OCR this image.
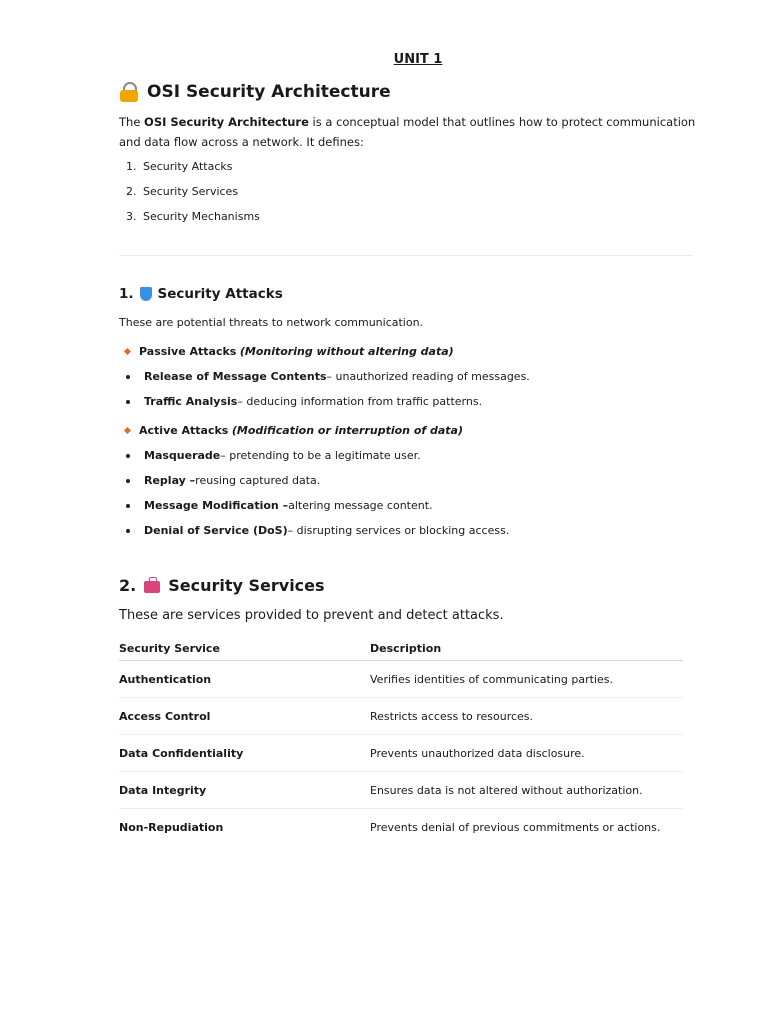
UNIT 1
OSI Security Architecture
The OSI Security Architecture is a conceptual model that outlines how to protect communication and data flow across a network. It defines:
1. Security Attacks
2. Security Services
3. Security Mechanisms
1. Security Attacks
These are potential threats to network communication.
Passive Attacks
(Monitoring without altering data)
Release of Message Contents – unauthorized reading of messages.
Traffic Analysis – deducing information from traffic patterns.
Active Attacks
(Modification or interruption of data)
Masquerade – pretending to be a legitimate user.
Replay – reusing captured data.
Message Modification – altering message content.
Denial of Service (DoS) – disrupting services or blocking access.
2. Security Services
These are services provided to prevent and detect attacks.
Security Service	Description
Authentication	Verifies identities of communicating parties.
Access Control	Restricts access to resources.
Data Confidentiality	Prevents unauthorized data disclosure.
Data Integrity	Ensures data is not altered without authorization.
Non-Repudiation	Prevents denial of previous commitments or actions.
